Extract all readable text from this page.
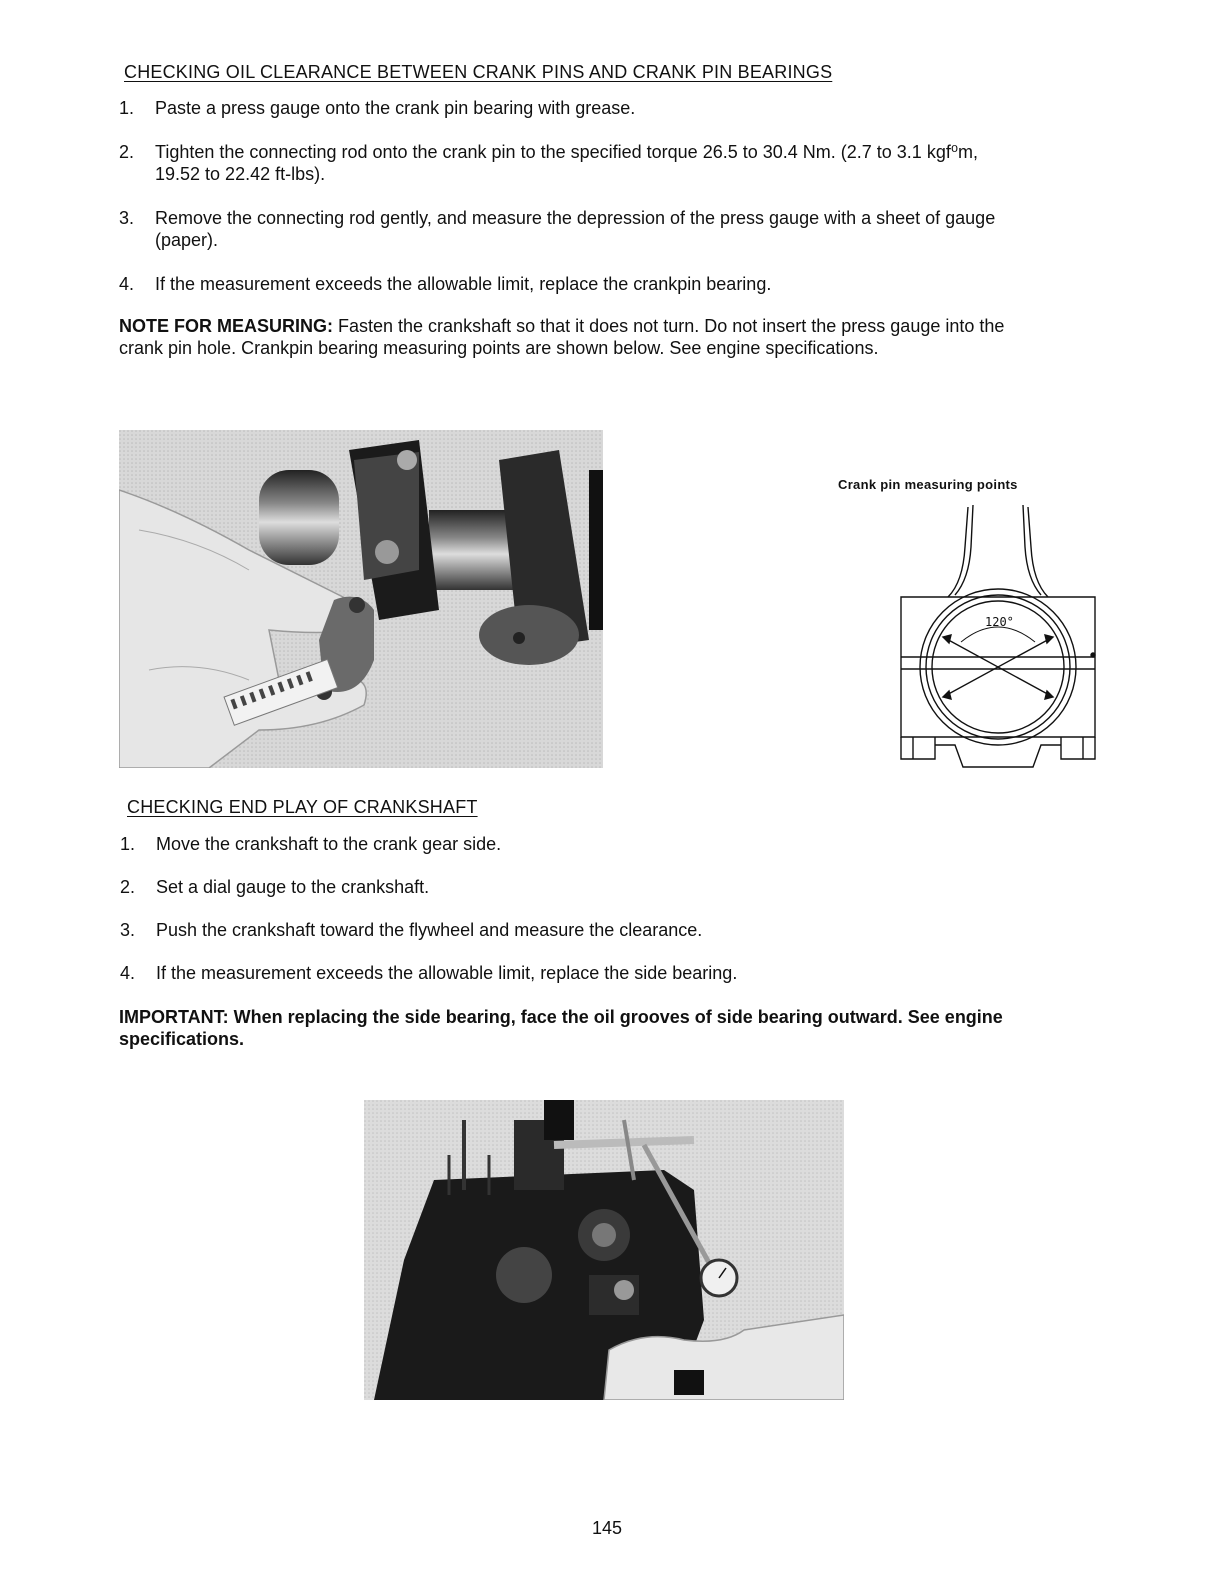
CHECKING OIL CLEARANCE BETWEEN CRANK PINS AND CRANK PIN BEARINGS
1. Paste a press gauge onto the crank pin bearing with grease.
2. Tighten the connecting rod onto the crank pin to the specified torque 26.5 to 30.4 Nm. (2.7 to 3.1 kgf⁰m, 19.52 to 22.42 ft-lbs).
3. Remove the connecting rod gently, and measure the depression of the press gauge with a sheet of gauge (paper).
4. If the measurement exceeds the allowable limit, replace the crankpin bearing.
NOTE FOR MEASURING: Fasten the crankshaft so that it does not turn. Do not insert the press gauge into the crank pin hole. Crankpin bearing measuring points are shown below. See engine specifications.
Crank pin measuring points
120°
CHECKING END PLAY OF CRANKSHAFT
1. Move the crankshaft to the crank gear side.
2. Set a dial gauge to the crankshaft.
3. Push the crankshaft toward the flywheel and measure the clearance.
4. If the measurement exceeds the allowable limit, replace the side bearing.
IMPORTANT: When replacing the side bearing, face the oil grooves of side bearing outward. See engine specifications.
145
